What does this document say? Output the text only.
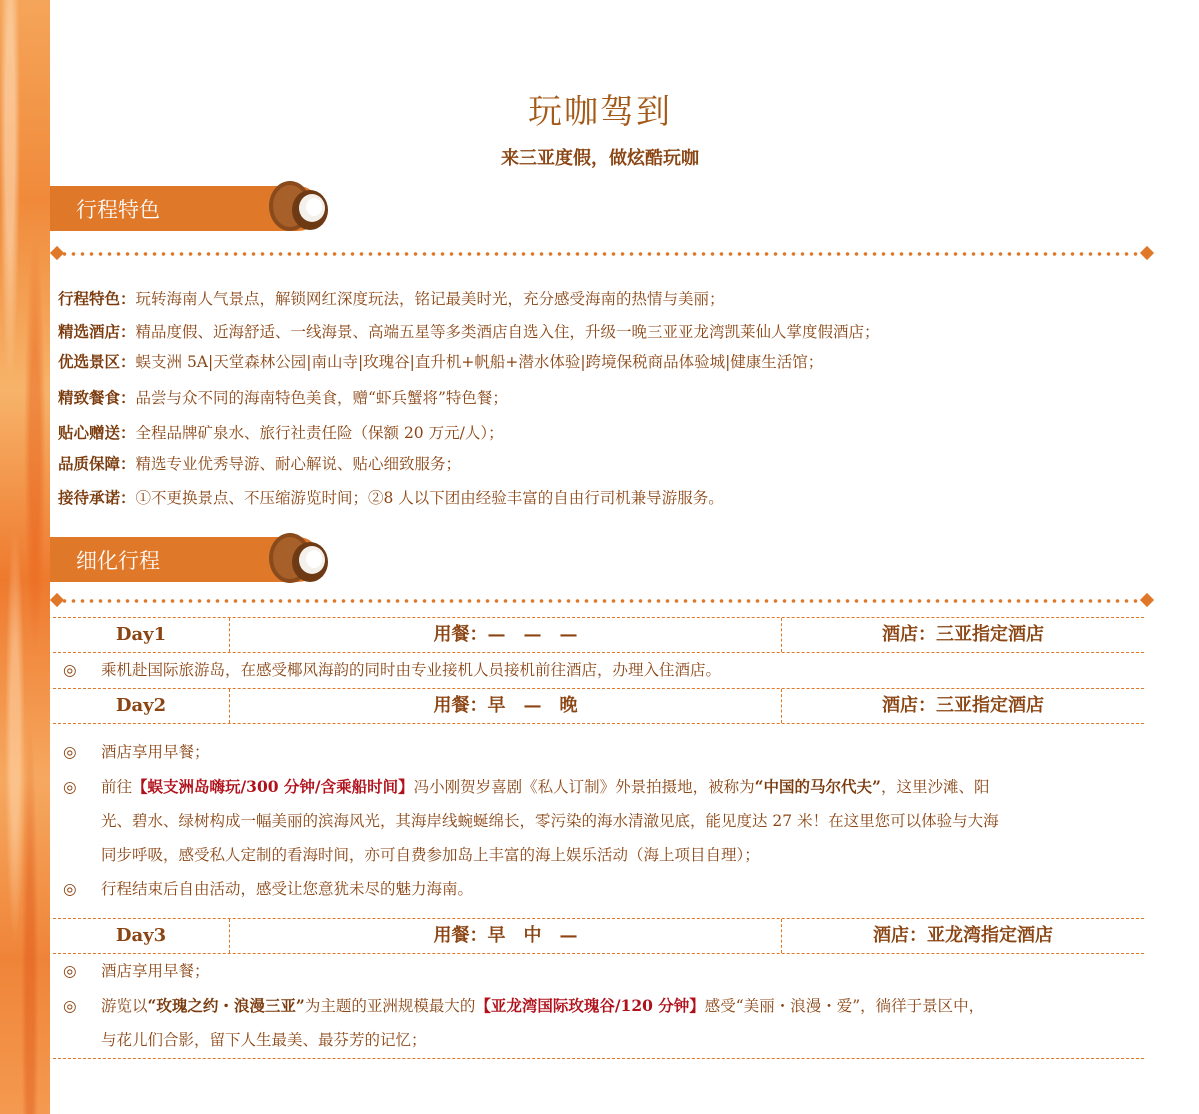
玩咖驾到
来三亚度假，做炫酷玩咖
行程特色
行程特色：玩转海南人气景点，解锁网红深度玩法，铭记最美时光，充分感受海南的热情与美丽；
精选酒店：精品度假、近海舒适、一线海景、高端五星等多类酒店自选入住，升级一晚三亚亚龙湾凯莱仙人掌度假酒店；
优选景区：蜈支洲 5A|天堂森林公园|南山寺|玫瑰谷|直升机+帆船+潜水体验|跨境保税商品体验城|健康生活馆；
精致餐食：品尝与众不同的海南特色美食，赠“虾兵蟹将”特色餐；
贴心赠送：全程品牌矿泉水、旅行社责任险（保额 20 万元/人）；
品质保障：精选专业优秀导游、耐心解说、贴心细致服务；
接待承诺：①不更换景点、不压缩游览时间；②8 人以下团由经验丰富的自由行司机兼导游服务。
细化行程
Day1	用餐：—　—　—	酒店：三亚指定酒店
◎	乘机赴国际旅游岛，在感受椰风海韵的同时由专业接机人员接机前往酒店，办理入住酒店。
Day2	用餐：早　—　晚	酒店：三亚指定酒店
◎	酒店享用早餐；
◎	前往【蜈支洲岛嗨玩/300 分钟/含乘船时间】冯小刚贺岁喜剧《私人订制》外景拍摄地，被称为“中国的马尔代夫”，这里沙滩、阳
光、碧水、绿树构成一幅美丽的滨海风光，其海岸线蜿蜒绵长，零污染的海水清澈见底，能见度达 27 米！在这里您可以体验与大海
同步呼吸，感受私人定制的看海时间，亦可自费参加岛上丰富的海上娱乐活动（海上项目自理）；
◎	行程结束后自由活动，感受让您意犹未尽的魅力海南。
Day3	用餐：早　中　—	酒店：亚龙湾指定酒店
◎	酒店享用早餐；
◎	游览以“玫瑰之约・浪漫三亚”为主题的亚洲规模最大的【亚龙湾国际玫瑰谷/120 分钟】感受“美丽・浪漫・爱”，徜徉于景区中，
与花儿们合影，留下人生最美、最芬芳的记忆；
